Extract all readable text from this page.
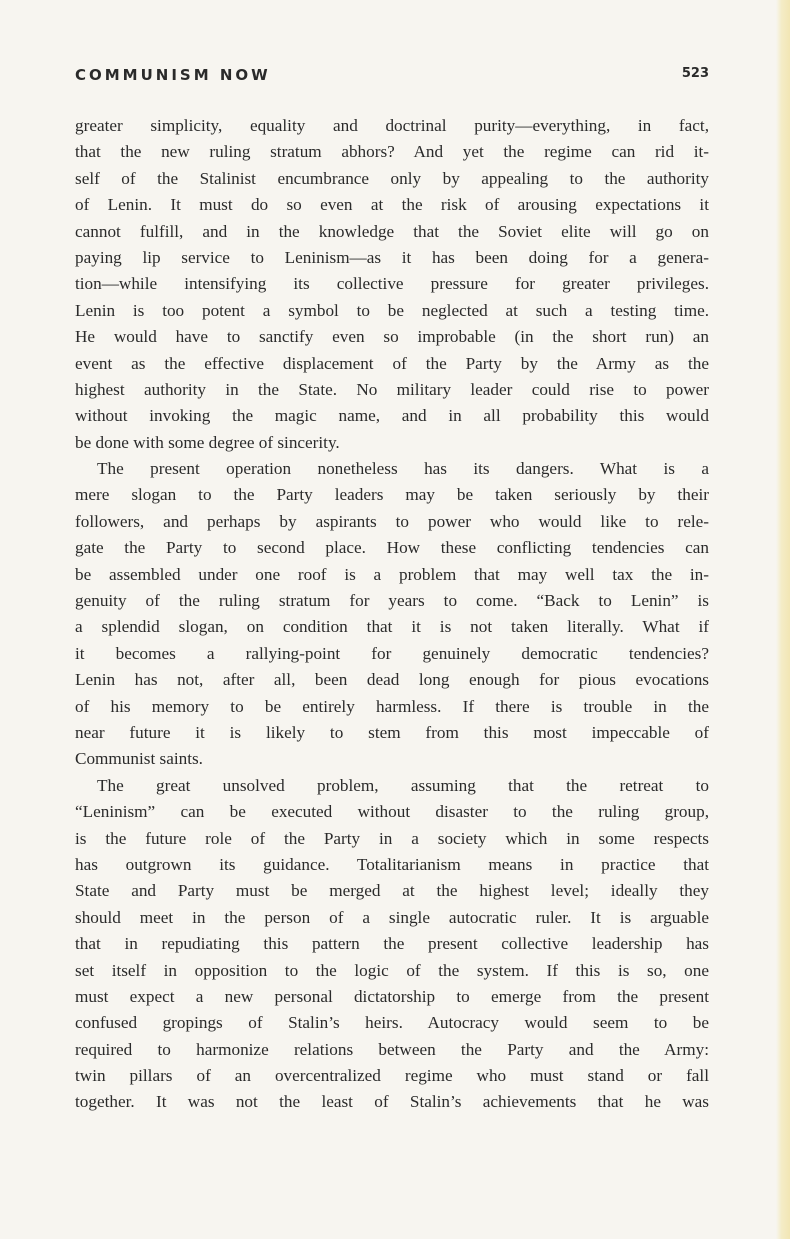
COMMUNISM NOW	523
greater simplicity, equality and doctrinal purity—everything, in fact,
that the new ruling stratum abhors? And yet the regime can rid it-
self of the Stalinist encumbrance only by appealing to the authority
of Lenin. It must do so even at the risk of arousing expectations it
cannot fulfill, and in the knowledge that the Soviet elite will go on
paying lip service to Leninism—as it has been doing for a genera-
tion—while intensifying its collective pressure for greater privileges.
Lenin is too potent a symbol to be neglected at such a testing time.
He would have to sanctify even so improbable (in the short run) an
event as the effective displacement of the Party by the Army as the
highest authority in the State. No military leader could rise to power
without invoking the magic name, and in all probability this would
be done with some degree of sincerity.
The present operation nonetheless has its dangers. What is a
mere slogan to the Party leaders may be taken seriously by their
followers, and perhaps by aspirants to power who would like to rele-
gate the Party to second place. How these conflicting tendencies can
be assembled under one roof is a problem that may well tax the in-
genuity of the ruling stratum for years to come. “Back to Lenin” is
a splendid slogan, on condition that it is not taken literally. What if
it becomes a rallying-point for genuinely democratic tendencies?
Lenin has not, after all, been dead long enough for pious evocations
of his memory to be entirely harmless. If there is trouble in the
near future it is likely to stem from this most impeccable of
Communist saints.
The great unsolved problem, assuming that the retreat to
“Leninism” can be executed without disaster to the ruling group,
is the future role of the Party in a society which in some respects
has outgrown its guidance. Totalitarianism means in practice that
State and Party must be merged at the highest level; ideally they
should meet in the person of a single autocratic ruler. It is arguable
that in repudiating this pattern the present collective leadership has
set itself in opposition to the logic of the system. If this is so, one
must expect a new personal dictatorship to emerge from the present
confused gropings of Stalin’s heirs. Autocracy would seem to be
required to harmonize relations between the Party and the Army:
twin pillars of an overcentralized regime who must stand or fall
together. It was not the least of Stalin’s achievements that he was
